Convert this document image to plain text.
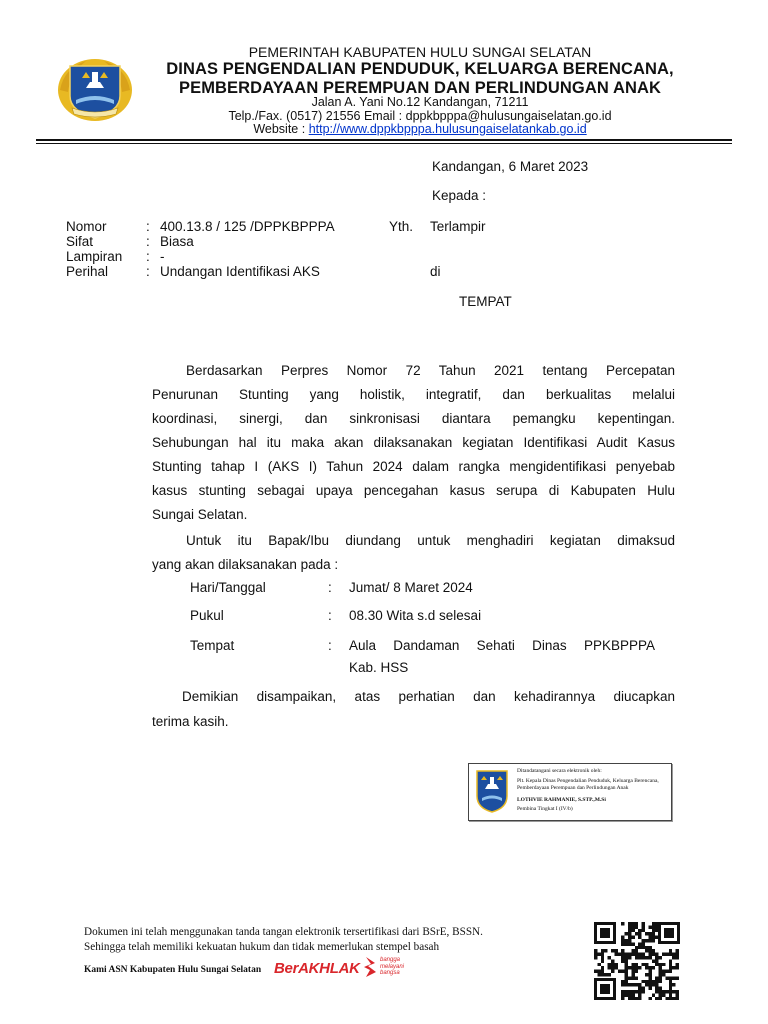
PEMERINTAH KABUPATEN HULU SUNGAI SELATAN
DINAS PENGENDALIAN PENDUDUK, KELUARGA BERENCANA,
PEMBERDAYAAN PEREMPUAN DAN PERLINDUNGAN ANAK
Jalan A. Yani No.12 Kandangan, 71211
Telp./Fax. (0517) 21556 Email : dppkbpppa@hulusungaiselatan.go.id
Website : http://www.dppkbpppa.hulusungaiselatankab.go.id
Kandangan, 6 Maret 2023
Kepada :
Nomor	: 400.13.8 / 125 /DPPKBPPPA
Sifat	: Biasa
Lampiran : -
Perihal	: Undangan Identifikasi AKS
Yth. Terlampir
di
TEMPAT
Berdasarkan Perpres Nomor 72 Tahun 2021 tentang Percepatan
Penurunan Stunting yang holistik, integratif, dan berkualitas melalui
koordinasi, sinergi, dan sinkronisasi diantara pemangku kepentingan.
Sehubungan hal itu maka akan dilaksanakan kegiatan Identifikasi Audit Kasus
Stunting tahap I (AKS I) Tahun 2024 dalam rangka mengidentifikasi penyebab
kasus stunting sebagai upaya pencegahan kasus serupa di Kabupaten Hulu
Sungai Selatan.
Untuk itu Bapak/Ibu diundang untuk menghadiri kegiatan dimaksud
yang akan dilaksanakan pada :
Hari/Tanggal	: Jumat/ 8 Maret 2024
Pukul	: 08.30 Wita s.d selesai
Tempat	: Aula Dandaman Sehati Dinas PPKBPPPA
Kab. HSS
Demikian disampaikan, atas perhatian dan kehadirannya diucapkan
terima kasih.
Ditandatangani secara elektronik oleh:
Plt. Kepala Dinas Pengendalian Penduduk, Keluarga Berencana,
Pemberdayaan Perempuan dan Perlindungan Anak
LOTHVIE RAHMANIE, S.STP.,M.Si
Pembina Tingkat I (IV/b)
Dokumen ini telah menggunakan tanda tangan elektronik tersertifikasi dari BSrE, BSSN.
Sehingga telah memiliki kekuatan hukum dan tidak memerlukan stempel basah
Kami ASN Kabupaten Hulu Sungai Selatan BerAKHLAK	bangga
melayani
bangsa
